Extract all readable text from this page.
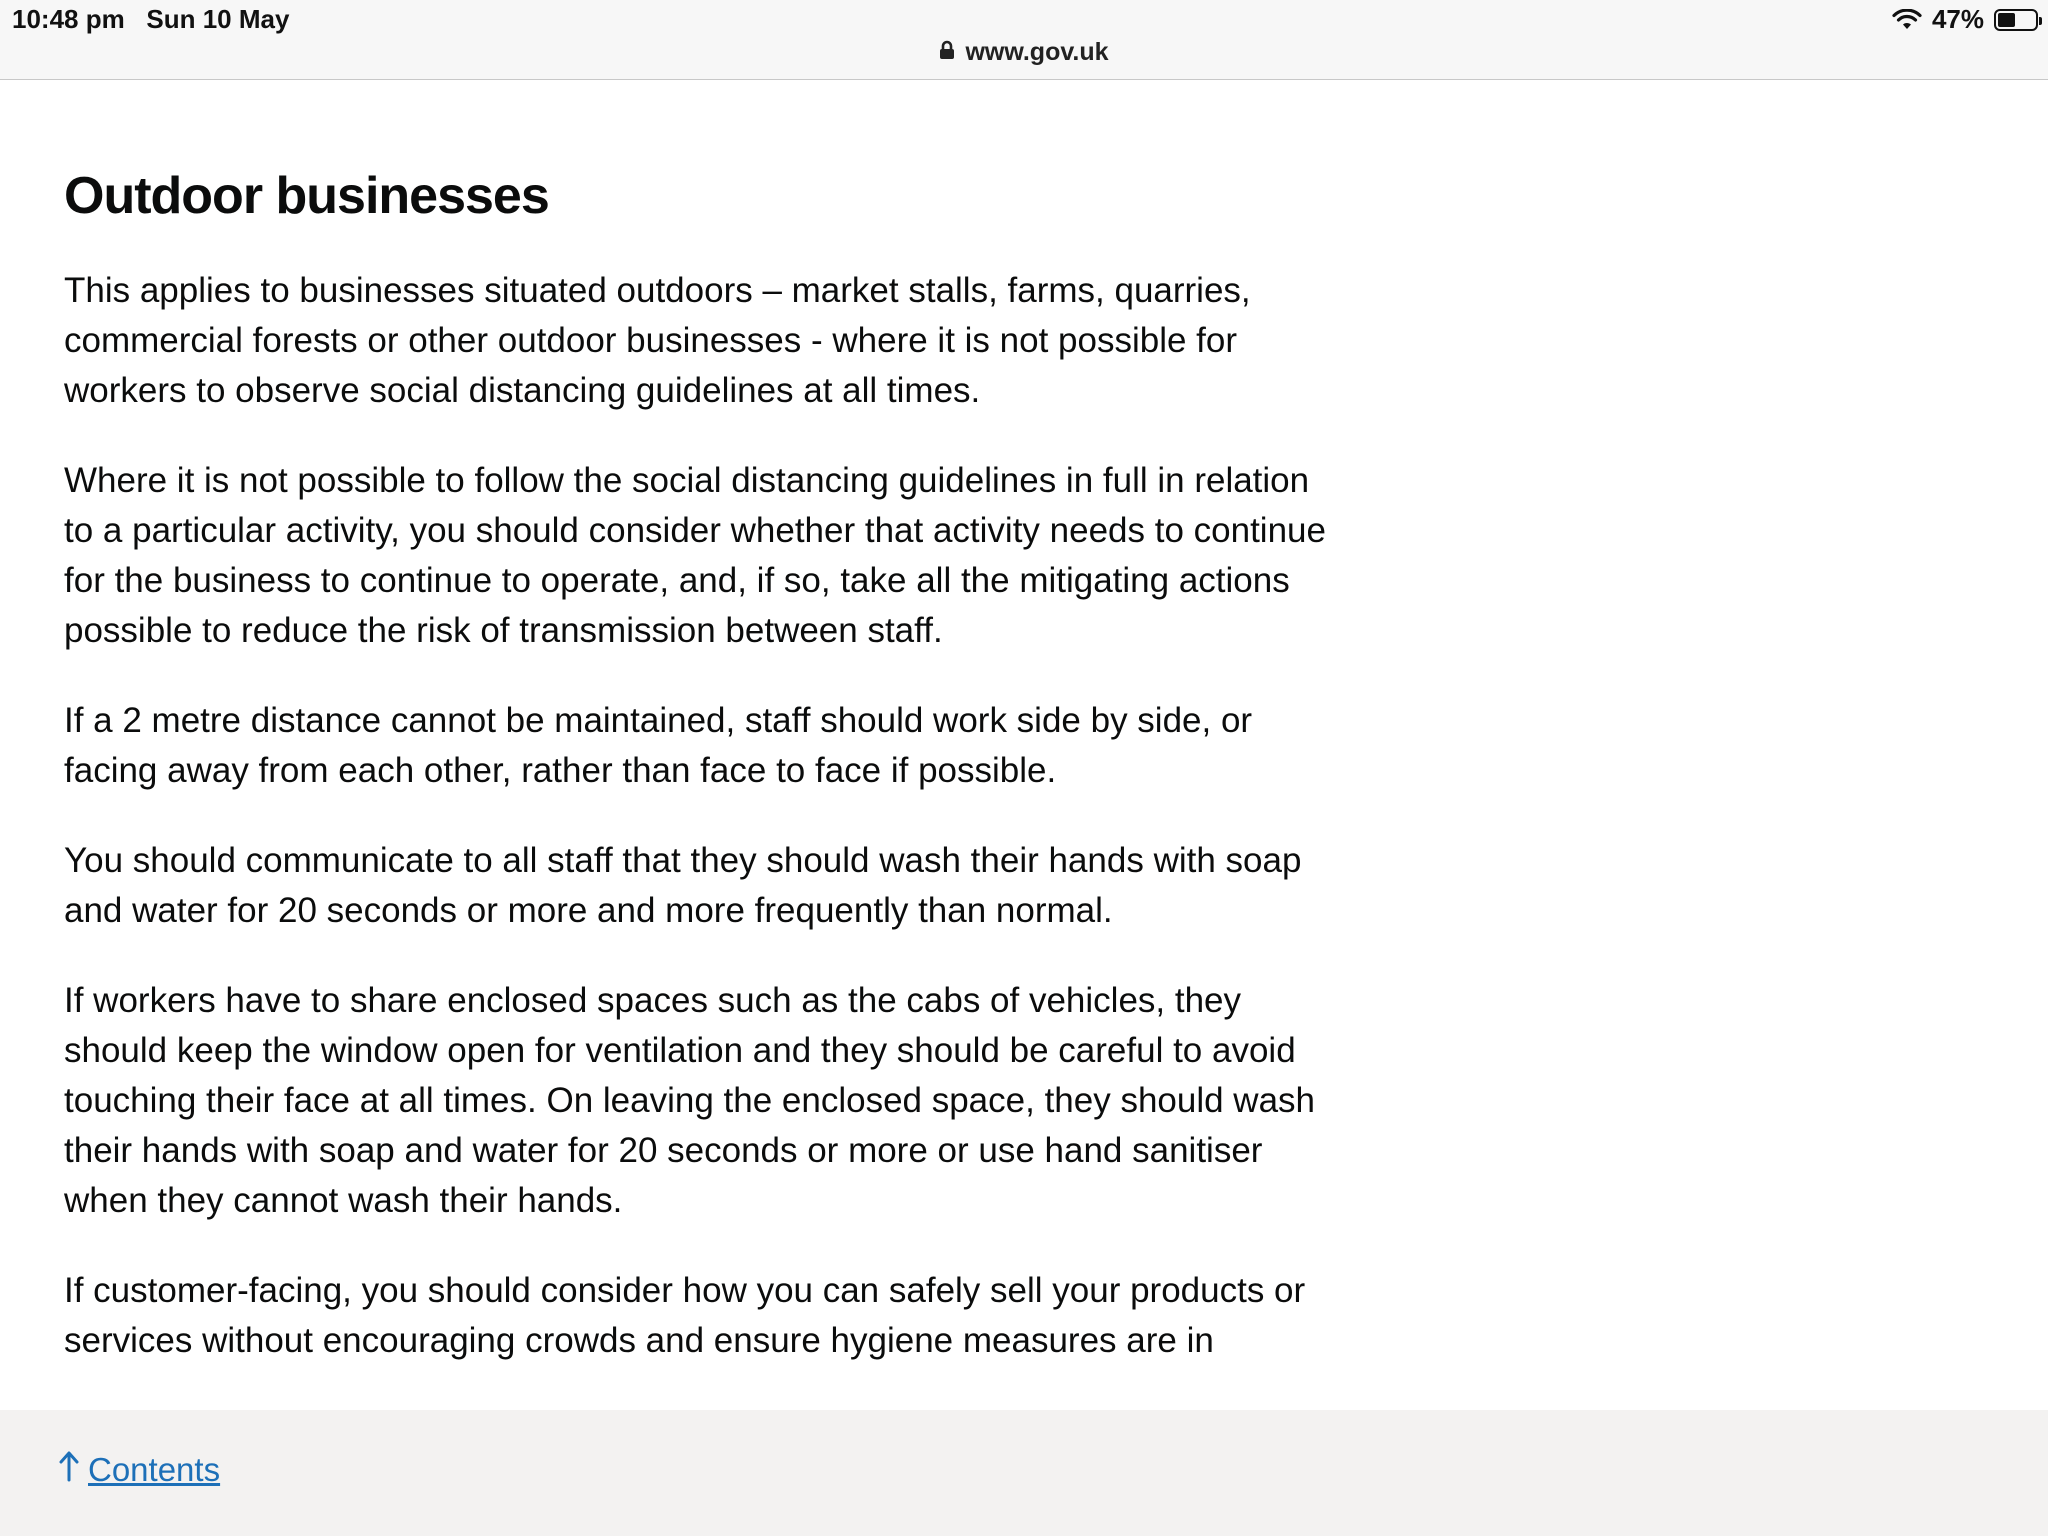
10:48 pm   Sun 10 May	47%
www.gov.uk
Outdoor businesses

This applies to businesses situated outdoors – market stalls, farms, quarries, commercial forests or other outdoor businesses - where it is not possible for workers to observe social distancing guidelines at all times.

Where it is not possible to follow the social distancing guidelines in full in relation to a particular activity, you should consider whether that activity needs to continue for the business to continue to operate, and, if so, take all the mitigating actions possible to reduce the risk of transmission between staff.

If a 2 metre distance cannot be maintained, staff should work side by side, or facing away from each other, rather than face to face if possible.

You should communicate to all staff that they should wash their hands with soap and water for 20 seconds or more and more frequently than normal.

If workers have to share enclosed spaces such as the cabs of vehicles, they should keep the window open for ventilation and they should be careful to avoid touching their face at all times. On leaving the enclosed space, they should wash their hands with soap and water for 20 seconds or more or use hand sanitiser when they cannot wash their hands.

If customer-facing, you should consider how you can safely sell your products or services without encouraging crowds and ensure hygiene measures are in

Contents
